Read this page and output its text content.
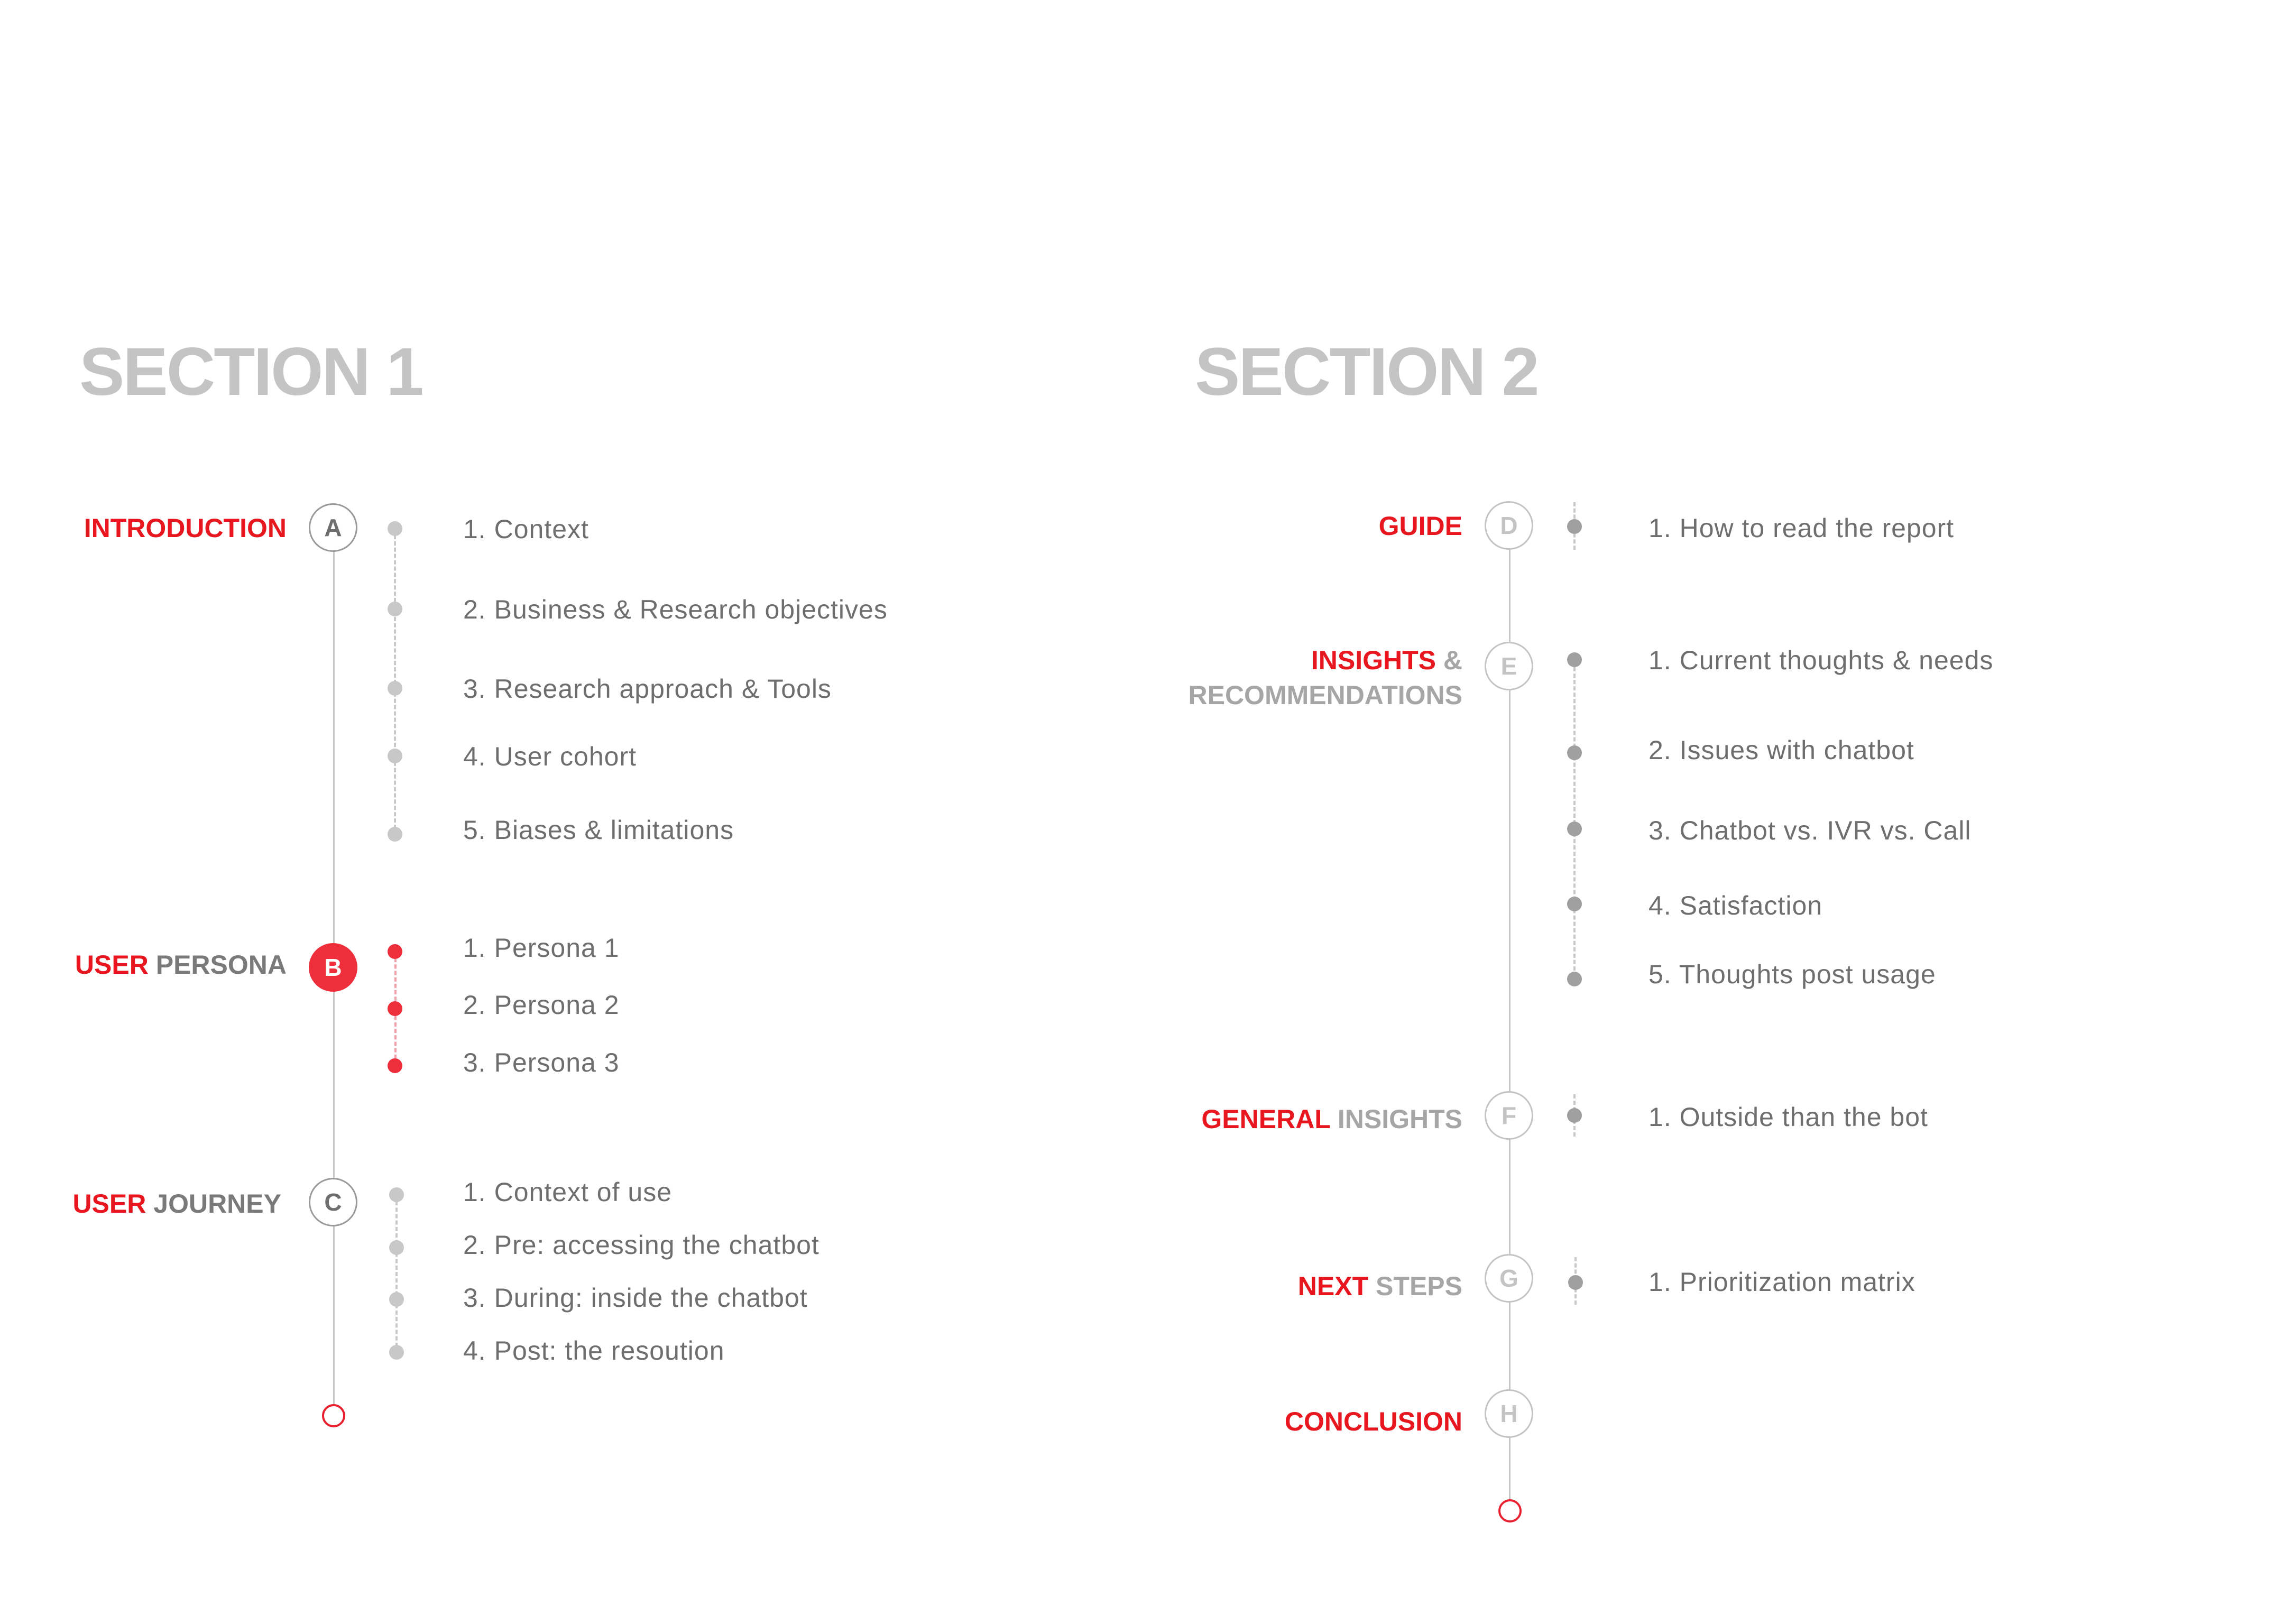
SECTION 1
INTRODUCTION	A	1. Context
2. Business & Research objectives
3. Research approach & Tools
4. User cohort
5. Biases & limitations
USER PERSONA	B
1. Persona 1
2. Persona 2
3. Persona 3
USER JOURNEY	C	1. Context of use
2. Pre: accessing the chatbot
3. During: inside the chatbot
4. Post: the resoution
SECTION 2
GUIDE	D	1. How to read the report
INSIGHTS &
RECOMMENDATIONS
E	1. Current thoughts & needs
2. Issues with chatbot
3. Chatbot vs. IVR vs. Call
4. Satisfaction
5. Thoughts post usage
GENERAL INSIGHTS	F	1. Outside than the bot
NEXT STEPS	G	1. Prioritization matrix
CONCLUSION	H
